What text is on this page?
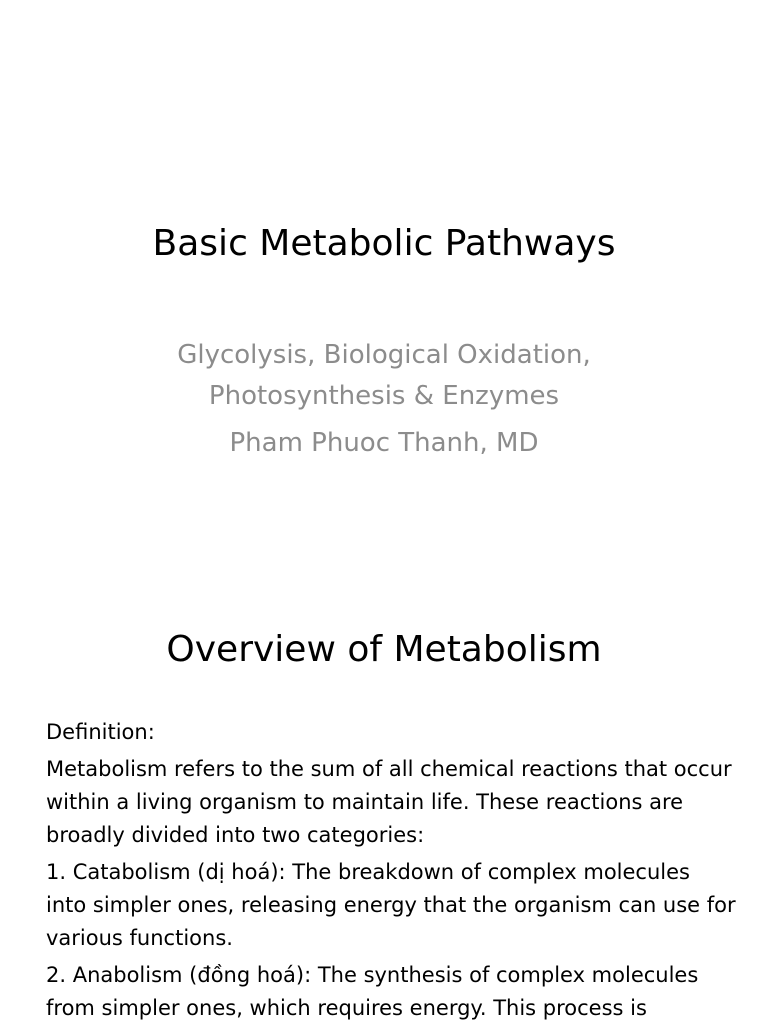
Basic Metabolic Pathways
Glycolysis, Biological Oxidation,
Photosynthesis & Enzymes
Pham Phuoc Thanh, MD
Overview of Metabolism

Definition:

Metabolism refers to the sum of all chemical reactions that occur within a living organism to maintain life. These reactions are broadly divided into two categories:

1. Catabolism (dị hoá): The breakdown of complex molecules into simpler ones, releasing energy that the organism can use for various functions.

2. Anabolism (đồng hoá): The synthesis of complex molecules from simpler ones, which requires energy. This process is
